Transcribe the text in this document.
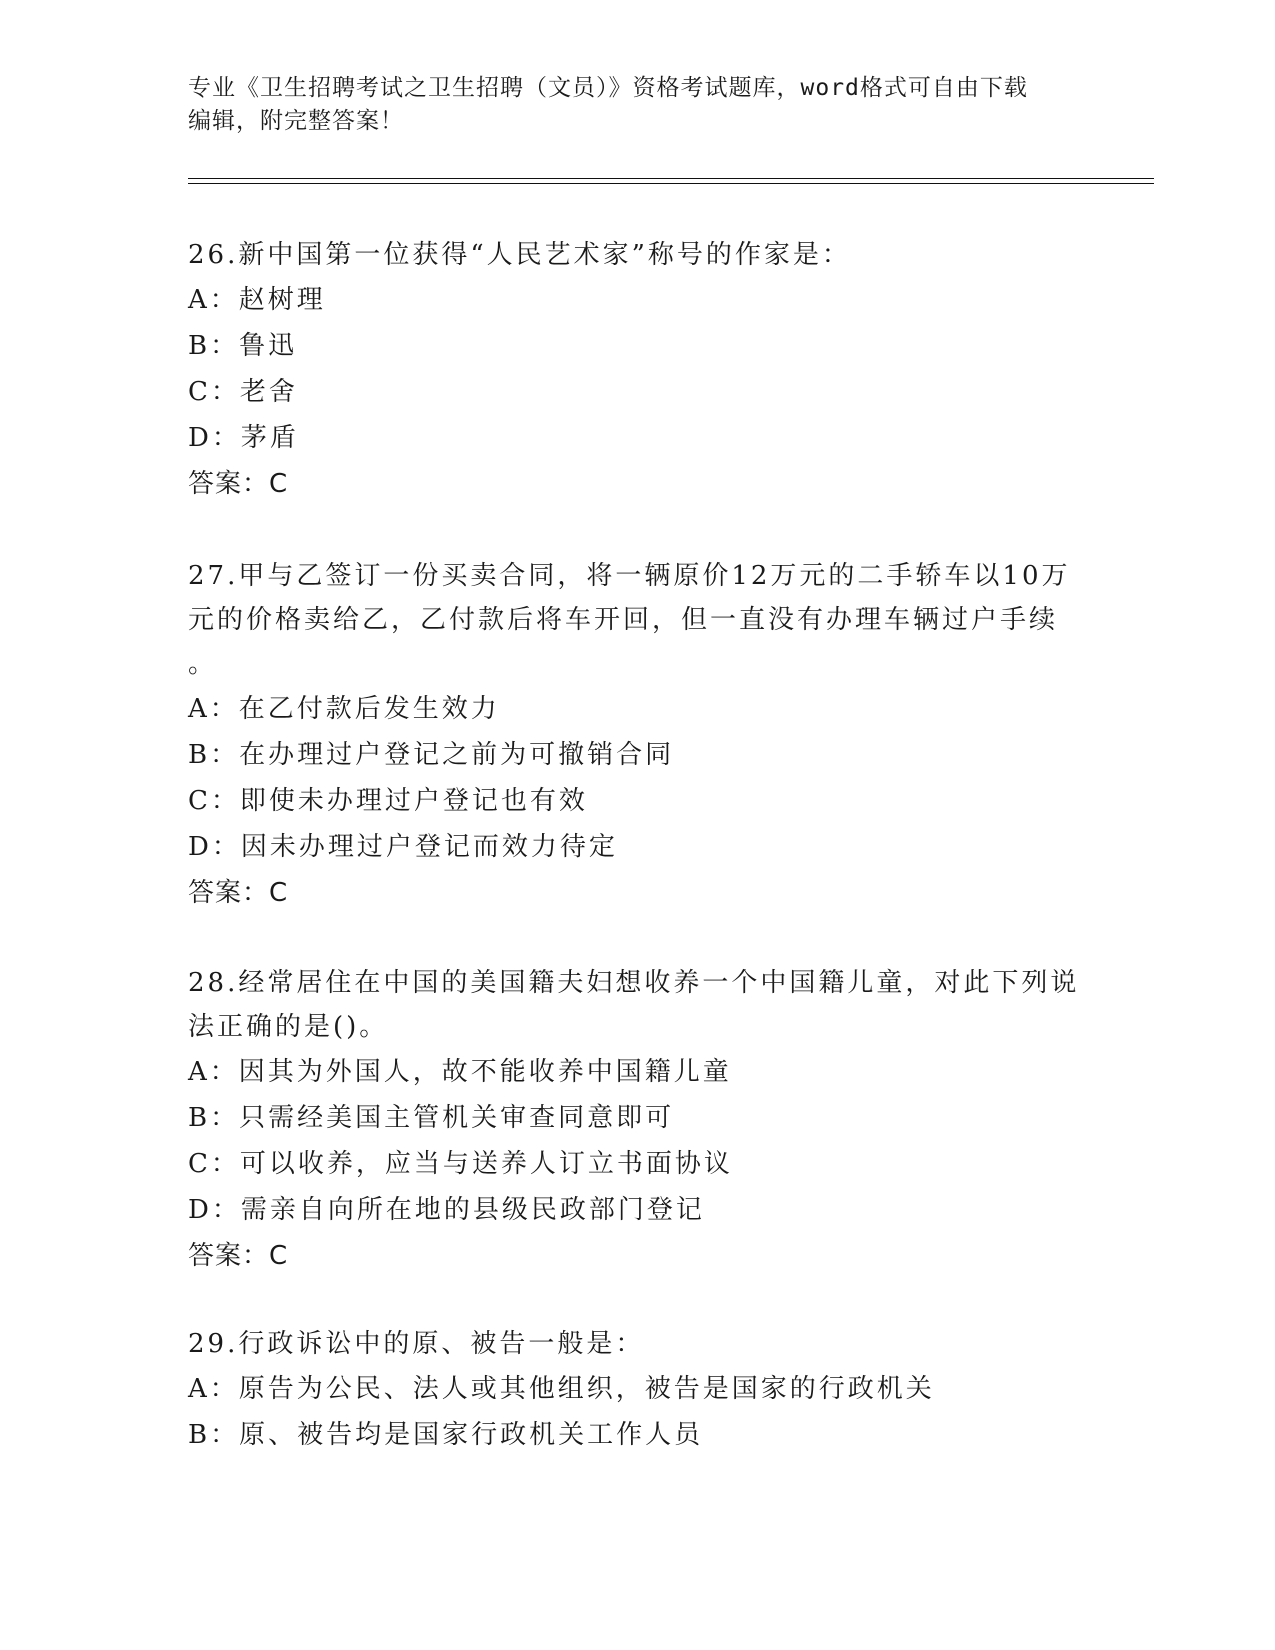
专业《卫生招聘考试之卫生招聘（文员）》资格考试题库，word格式可自由下载
编辑，附完整答案！
26.新中国第一位获得“人民艺术家”称号的作家是：
A：赵树理
B：鲁迅
C：老舍
D：茅盾
答案：C
27.甲与乙签订一份买卖合同，将一辆原价12万元的二手轿车以10万
元的价格卖给乙，乙付款后将车开回，但一直没有办理车辆过户手续
。
A：在乙付款后发生效力
B：在办理过户登记之前为可撤销合同
C：即使未办理过户登记也有效
D：因未办理过户登记而效力待定
答案：C
28.经常居住在中国的美国籍夫妇想收养一个中国籍儿童，对此下列说
法正确的是()。
A：因其为外国人，故不能收养中国籍儿童
B：只需经美国主管机关审查同意即可
C：可以收养，应当与送养人订立书面协议
D：需亲自向所在地的县级民政部门登记
答案：C
29.行政诉讼中的原、被告一般是：
A：原告为公民、法人或其他组织，被告是国家的行政机关
B：原、被告均是国家行政机关工作人员
